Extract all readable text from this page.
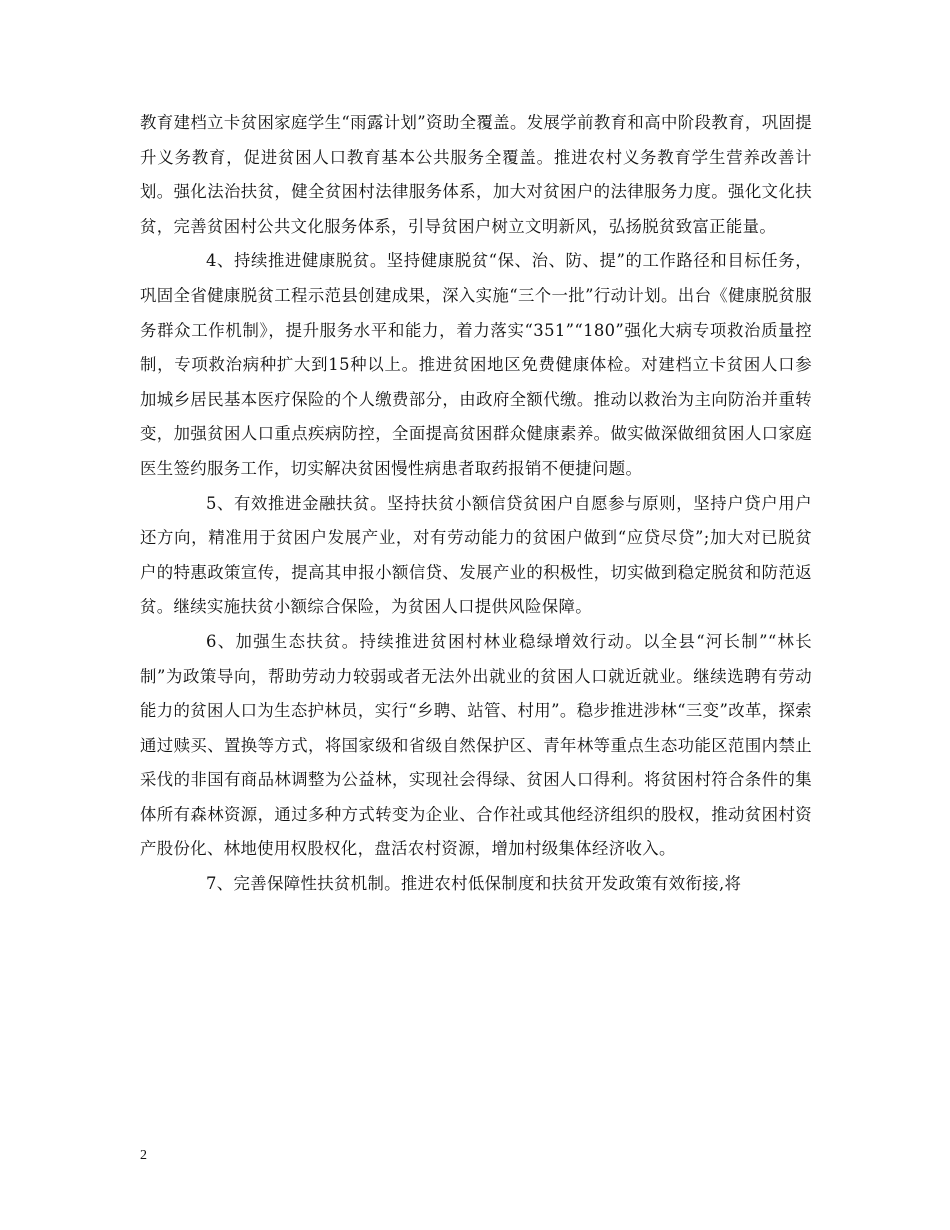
教育建档立卡贫困家庭学生“雨露计划”资助全覆盖。发展学前教育和高中阶段教育，巩固提升义务教育，促进贫困人口教育基本公共服务全覆盖。推进农村义务教育学生营养改善计划。强化法治扶贫，健全贫困村法律服务体系，加大对贫困户的法律服务力度。强化文化扶贫，完善贫困村公共文化服务体系，引导贫困户树立文明新风，弘扬脱贫致富正能量。

4、持续推进健康脱贫。坚持健康脱贫“保、治、防、提”的工作路径和目标任务，巩固全省健康脱贫工程示范县创建成果，深入实施“三个一批”行动计划。出台《健康脱贫服务群众工作机制》，提升服务水平和能力，着力落实“351”“180”强化大病专项救治质量控制，专项救治病种扩大到15种以上。推进贫困地区免费健康体检。对建档立卡贫困人口参加城乡居民基本医疗保险的个人缴费部分，由政府全额代缴。推动以救治为主向防治并重转变，加强贫困人口重点疾病防控，全面提高贫困群众健康素养。做实做深做细贫困人口家庭医生签约服务工作，切实解决贫困慢性病患者取药报销不便捷问题。

5、有效推进金融扶贫。坚持扶贫小额信贷贫困户自愿参与原则，坚持户贷户用户还方向，精准用于贫困户发展产业，对有劳动能力的贫困户做到“应贷尽贷”;加大对已脱贫户的特惠政策宣传，提高其申报小额信贷、发展产业的积极性，切实做到稳定脱贫和防范返贫。继续实施扶贫小额综合保险，为贫困人口提供风险保障。

6、加强生态扶贫。持续推进贫困村林业稳绿增效行动。以全县“河长制”“林长制”为政策导向，帮助劳动力较弱或者无法外出就业的贫困人口就近就业。继续选聘有劳动能力的贫困人口为生态护林员，实行“乡聘、站管、村用”。稳步推进涉林“三变”改革，探索通过赎买、置换等方式，将国家级和省级自然保护区、青年林等重点生态功能区范围内禁止采伐的非国有商品林调整为公益林，实现社会得绿、贫困人口得利。将贫困村符合条件的集体所有森林资源，通过多种方式转变为企业、合作社或其他经济组织的股权，推动贫困村资产股份化、林地使用权股权化，盘活农村资源，增加村级集体经济收入。

7、完善保障性扶贫机制。推进农村低保制度和扶贫开发政策有效衔接,将

2
